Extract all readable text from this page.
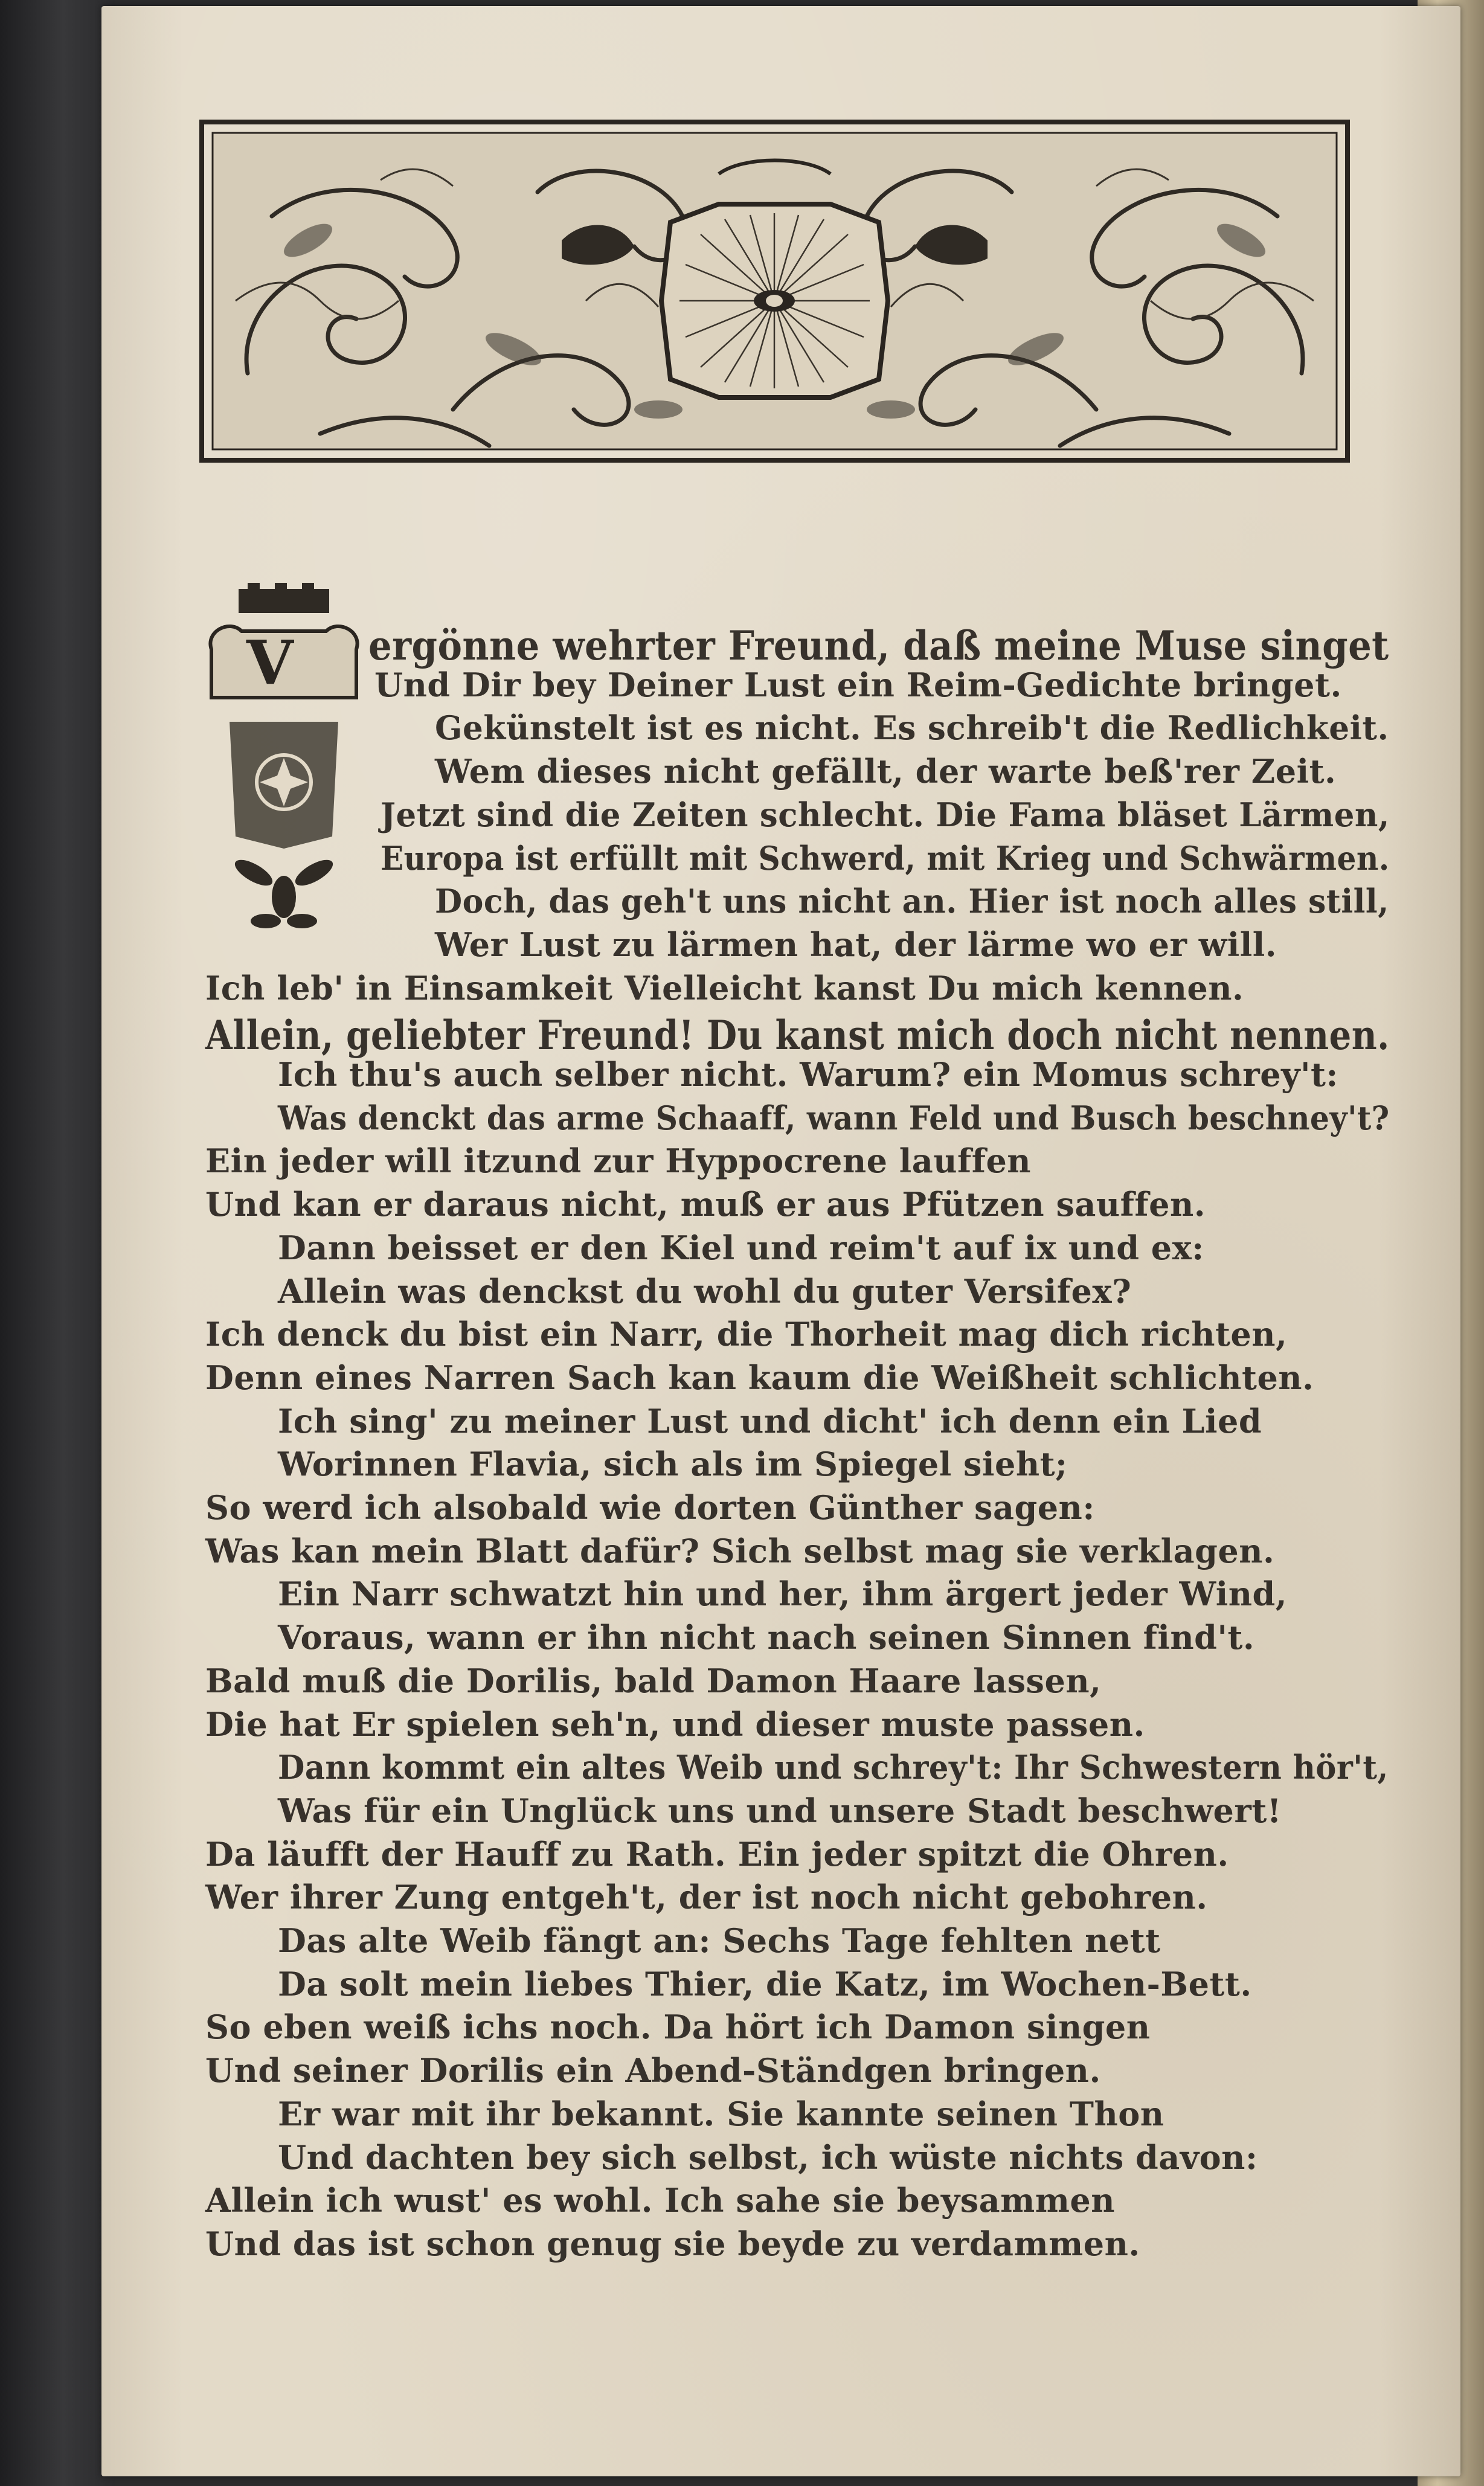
V ergönne wehrter Freund, daß meine Muse singet
Und Dir bey Deiner Lust ein Reim-Gedichte bringet.
Gekünstelt ist es nicht. Es schreib't die Redlichkeit.
Wem dieses nicht gefällt, der warte beß'rer Zeit.
Jetzt sind die Zeiten schlecht. Die Fama bläset Lärmen,
Europa ist erfüllt mit Schwerd, mit Krieg und Schwärmen.
Doch, das geh't uns nicht an. Hier ist noch alles still,
Wer Lust zu lärmen hat, der lärme wo er will.
Ich leb' in Einsamkeit Vielleicht kanst Du mich kennen.
Allein, geliebter Freund! Du kanst mich doch nicht nennen.
Ich thu's auch selber nicht. Warum? ein Momus schrey't:
Was denckt das arme Schaaff, wann Feld und Busch beschney't?
Ein jeder will itzund zur Hyppocrene lauffen
Und kan er daraus nicht, muß er aus Pfützen sauffen.
Dann beisset er den Kiel und reim't auf ix und ex:
Allein was denckst du wohl du guter Versifex?
Ich denck du bist ein Narr, die Thorheit mag dich richten,
Denn eines Narren Sach kan kaum die Weißheit schlichten.
Ich sing' zu meiner Lust und dicht' ich denn ein Lied
Worinnen Flavia, sich als im Spiegel sieht;
So werd ich alsobald wie dorten Günther sagen:
Was kan mein Blatt dafür? Sich selbst mag sie verklagen.
Ein Narr schwatzt hin und her, ihm ärgert jeder Wind,
Voraus, wann er ihn nicht nach seinen Sinnen find't.
Bald muß die Dorilis, bald Damon Haare lassen,
Die hat Er spielen seh'n, und dieser muste passen.
Dann kommt ein altes Weib und schrey't: Ihr Schwestern hör't,
Was für ein Unglück uns und unsere Stadt beschwert!
Da läufft der Hauff zu Rath. Ein jeder spitzt die Ohren.
Wer ihrer Zung entgeh't, der ist noch nicht gebohren.
Das alte Weib fängt an: Sechs Tage fehlten nett
Da solt mein liebes Thier, die Katz, im Wochen-Bett.
So eben weiß ichs noch. Da hört ich Damon singen
Und seiner Dorilis ein Abend-Ständgen bringen.
Er war mit ihr bekannt. Sie kannte seinen Thon
Und dachten bey sich selbst, ich wüste nichts davon:
Allein ich wust' es wohl. Ich sahe sie beysammen
Und das ist schon genug sie beyde zu verdammen.
